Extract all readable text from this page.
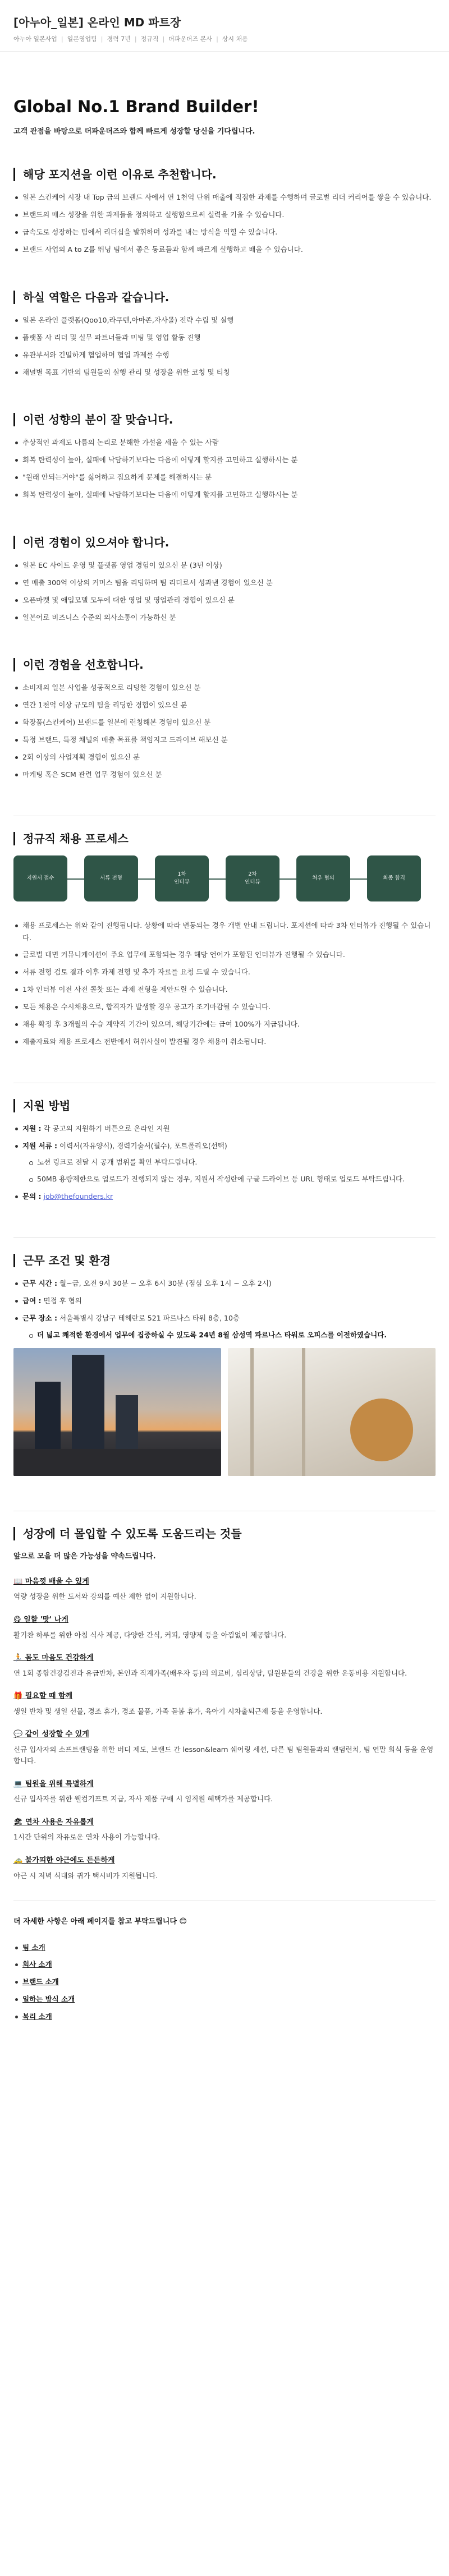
[아누아_일본] 온라인 MD 파트장
아누아 일본사업 | 일본영업팀 | 경력 7년 | 정규직 | 더파운더즈 본사 | 상시 채용
Global No.1 Brand Builder!
고객 관점을 바탕으로 더파운더즈와 함께 빠르게 성장할 당신을 기다립니다.
해당 포지션을 이런 이유로 추천합니다.
일본 스킨케어 시장 내 Top 급의 브랜드 사에서 연 1천억 단위 매출에 직접한 과제를 수행하며 글로벌 리더 커리어를 쌓을 수 있습니다.
브랜드의 매스 성장을 위한 과제들을 정의하고 실행함으로써 실력을 키울 수 있습니다.
급속도로 성장하는 팀에서 리더십을 발휘하며 성과를 내는 방식을 익힐 수 있습니다.
브랜드 사업의 A to Z를 뛰닝 팀에서 좋은 동료들과 함께 빠르게 실행하고 배울 수 있습니다.
하실 역할은 다음과 같습니다.
일본 온라인 플랫폼(Qoo10,라쿠텐,아마존,자사몰) 전략 수립 및 실행
플랫폼 사 리더 및 실무 파트너들과 미팅 및 영업 활동 진행
유관부서와 긴밀하게 협업하며 협업 과제를 수행
채널별 목표 기반의 팀원들의 실행 관리 및 성장을 위한 코칭 및 티칭
이런 성향의 분이 잘 맞습니다.
추상적인 과제도 나름의 논리로 분해한 가설을 세울 수 있는 사람
회복 탄력성이 높아, 실패에 낙담하기보다는 다음에 어떻게 할지를 고민하고 실행하시는 분
"원래 안되는거야"를 싫어하고 집요하게 문제를 해결하시는 분
회복 탄력성이 높아, 실패에 낙담하기보다는 다음에 어떻게 할지를 고민하고 실행하시는 분
이런 경험이 있으셔야 합니다.
일본 EC 사이트 운영 및 플랫폼 영업 경험이 있으신 분 (3년 이상)
연 매출 300억 이상의 커머스 팀을 리딩하며 팀 리더로서 성과낸 경험이 있으신 분
오픈마켓 및 애입모델 모두에 대한 영업 및 영업관리 경험이 있으신 분
일본어로 비즈니스 수준의 의사소통이 가능하신 분
이런 경험을 선호합니다.
소비재의 일본 사업을 성공적으로 리딩한 경험이 있으신 분
연간 1천억 이상 규모의 팀을 리딩한 경험이 있으신 분
화장품(스킨케어) 브랜드를 일본에 런칭해본 경험이 있으신 분
특정 브랜드, 특정 채널의 매출 목표를 책임지고 드라이브 해보신 분
2회 이상의 사업계획 경험이 있으신 분
마케팅 혹은 SCM 관련 업무 경험이 있으신 분
정규직 채용 프로세스
지원서 접수	서류 전형
1차
인터뷰
2차
인터뷰
처우 협의	최종 합격
채용 프로세스는 위와 같이 진행됩니다. 상황에 따라 변동되는 경우 개별 안내 드립니다. 포지션에 따라 3차 인터뷰가 진행될 수 있습니다.
글로벌 대면 커뮤니케이션이 주요 업무에 포함되는 경우 해당 언어가 포함된 인터뷰가 진행될 수 있습니다.
서류 전형 검토 결과 이후 과제 전형 및 추가 자료를 요청 드릴 수 있습니다.
1차 인터뷰 이전 사전 콜찻 또는 과제 전형을 제안드릴 수 있습니다.
모든 채용은 수시채용으로, 합격자가 발생할 경우 공고가 조기마감될 수 있습니다.
채용 확정 후 3개월의 수습 계약직 기간이 있으며, 해당기간에는 급여 100%가 지급됩니다.
제출자료와 채용 프로세스 전반에서 허위사실이 발견될 경우 채용이 취소됩니다.
지원 방법
지원 : 각 공고의 지원하기 버튼으로 온라인 지원
지원 서류 : 이력서(자유양식), 경력기술서(필수), 포트폴리오(선택)
노션 링크로 전달 시 공개 범위를 확인 부탁드립니다.
50MB 용량제한으로 업로드가 진행되지 않는 경우, 지원서 작성란에 구글 드라이브 등 URL 형태로 업로드 부탁드립니다.
문의 : job@thefounders.kr
근무 조건 및 환경
근무 시간 : 월~금, 오전 9시 30분 ~ 오후 6시 30분 (점심 오후 1시 ~ 오후 2시)
급여 : 면접 후 협의
근무 장소 : 서울특별시 강남구 테헤란로 521 파르나스 타워 8층, 10층
더 넓고 쾌적한 환경에서 업무에 집중하실 수 있도록 24년 8월 삼성역 파르나스 타워로 오피스를 이전하였습니다.
성장에 더 몰입할 수 있도록 도움드리는 것들
앞으로 모을 더 많은 가능성을 약속드립니다.
📖 마음껏 배울 수 있게

역량 성장을 위한 도서와 강의를 예산 제한 없이 지원합니다.

😋 일할 '맛' 나게

활기찬 하루를 위한 아침 식사 제공, 다양한 간식, 커피, 영양제 등을 아낌없이 제공합니다.

🏃 몸도 마음도 건강하게

연 1회 종합건강검진과 유급반차, 본인과 직계가족(배우자 등)의 의료비, 심리상담, 팀원분들의 건강을 위한 운동비용 지원합니다.

🎁 필요할 때 함께

생일 반차 및 생일 선물, 경조 휴가, 경조 물품, 가족 돌봄 휴가, 육아기 시차출퇴근제 등을 운영합니다.

💬 같이 성장할 수 있게

신규 입사자의 소프트랜딩을 위한 버디 제도, 브랜드 간 lesson&learn 쉐어링 세션, 다른 팀 팀원들과의 랜덤런치, 팀 연말 회식 등을 운영합니다.

💻 팀원을 위해 특별하게

신규 입사자를 위한 웰컴기프트 지급, 자사 제품 구매 시 임직원 혜택가를 제공합니다.

🏖 연차 사용은 자유롭게

1시간 단위의 자유로운 연차 사용이 가능합니다.

🚕 불가피한 야근에도 든든하게

야근 시 저녁 식대와 귀가 택시비가 지원됩니다.

더 자세한 사항은 아래 페이지를 참고 부탁드립니다 😊
팀 소개
회사 소개
브랜드 소개
일하는 방식 소개
복리 소개
